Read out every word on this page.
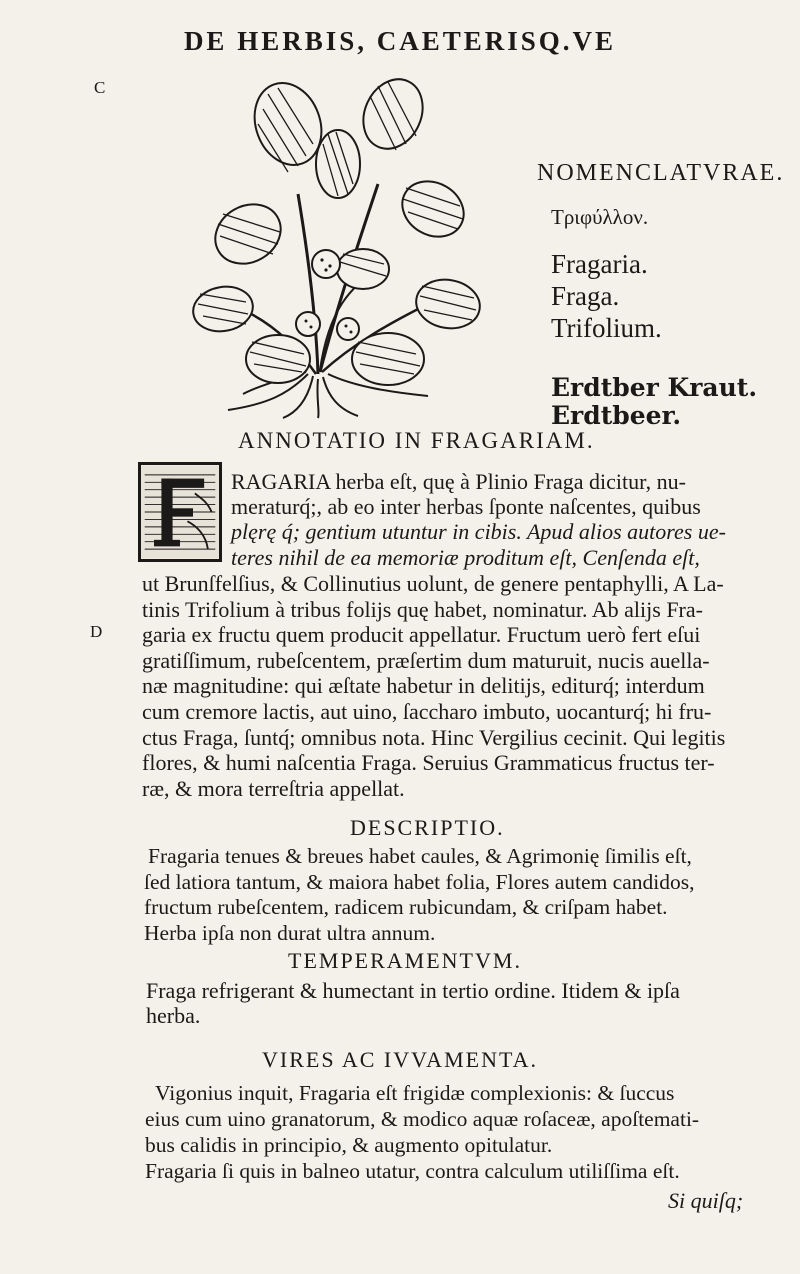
DE HERBIS, CAETERISQ.VE
C
D
NOMENCLATVRAE.
Τριφύλλον.
Fragaria.
Fraga.
Trifolium.
Erdtber Kraut.
Erdtbeer.
ANNOTATIO IN FRAGARIAM.
RAGARIA herba eſt, quę à Plinio Fraga dicitur, nu-
meraturq́;, ab eo inter herbas ſponte naſcentes, quibus
plęrę q́; gentium utuntur in cibis. Apud alios autores ue-
teres nihil de ea memoriæ proditum eſt, Cenſenda eſt,
ut Brunſfelſius, & Collinutius uolunt, de genere pentaphylli, A La-
tinis Trifolium à tribus folijs quę habet, nominatur. Ab alijs Fra-
garia ex fructu quem producit appellatur. Fructum uerò fert eſui
gratiſſimum, rubeſcentem, præſertim dum maturuit, nucis auella-
næ magnitudine: qui æſtate habetur in delitijs, editurq́; interdum
cum cremore lactis, aut uino, ſaccharo imbuto, uocanturq́; hi fru-
ctus Fraga, ſuntq́; omnibus nota. Hinc Vergilius cecinit. Qui legitis
flores, & humi naſcentia Fraga. Seruius Grammaticus fructus ter-
ræ, & mora terreſtria appellat.
DESCRIPTIO.
Fragaria tenues & breues habet caules, & Agrimonię ſimilis eſt,
ſed latiora tantum, & maiora habet folia, Flores autem candidos,
fructum rubeſcentem, radicem rubicundam, & criſpam habet.
Herba ipſa non durat ultra annum.
TEMPERAMENTVM.
Fraga refrigerant & humectant in tertio ordine. Itidem & ipſa
herba.
VIRES AC IVVAMENTA.
Vigonius inquit, Fragaria eſt frigidæ complexionis: & ſuccus
eius cum uino granatorum, & modico aquæ roſaceæ, apoſtemati-
bus calidis in principio, & augmento opitulatur.
Fragaria ſi quis in balneo utatur, contra calculum utiliſſima eſt.
Si quiſq;
